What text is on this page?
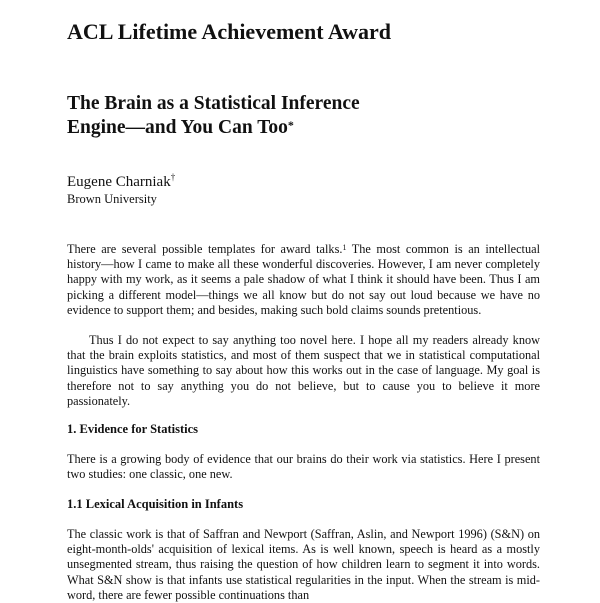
ACL Lifetime Achievement Award
The Brain as a Statistical Inference
Engine—and You Can Too*
Eugene Charniak†
Brown University

There are several possible templates for award talks.$^1$ The most common is an intellectual history—how I came to make all these wonderful discoveries. However, I am never completely happy with my work, as it seems a pale shadow of what I think it should have been. Thus I am picking a different model—things we all know but do not say out loud because we have no evidence to support them; and besides, making such bold claims sounds pretentious.

Thus I do not expect to say anything too novel here. I hope all my readers already know that the brain exploits statistics, and most of them suspect that we in statistical computational linguistics have something to say about how this works out in the case of language. My goal is therefore not to say anything you do not believe, but to cause you to believe it more passionately.

1. Evidence for Statistics

There is a growing body of evidence that our brains do their work via statistics. Here I present two studies: one classic, one new.

1.1 Lexical Acquisition in Infants

The classic work is that of Saffran and Newport (Saffran, Aslin, and Newport 1996) (S&N) on eight-month-olds' acquisition of lexical items. As is well known, speech is heard as a mostly unsegmented stream, thus raising the question of how children learn to segment it into words. What S&N show is that infants use statistical regularities in the input. When the stream is mid-word, there are fewer possible continuations than
